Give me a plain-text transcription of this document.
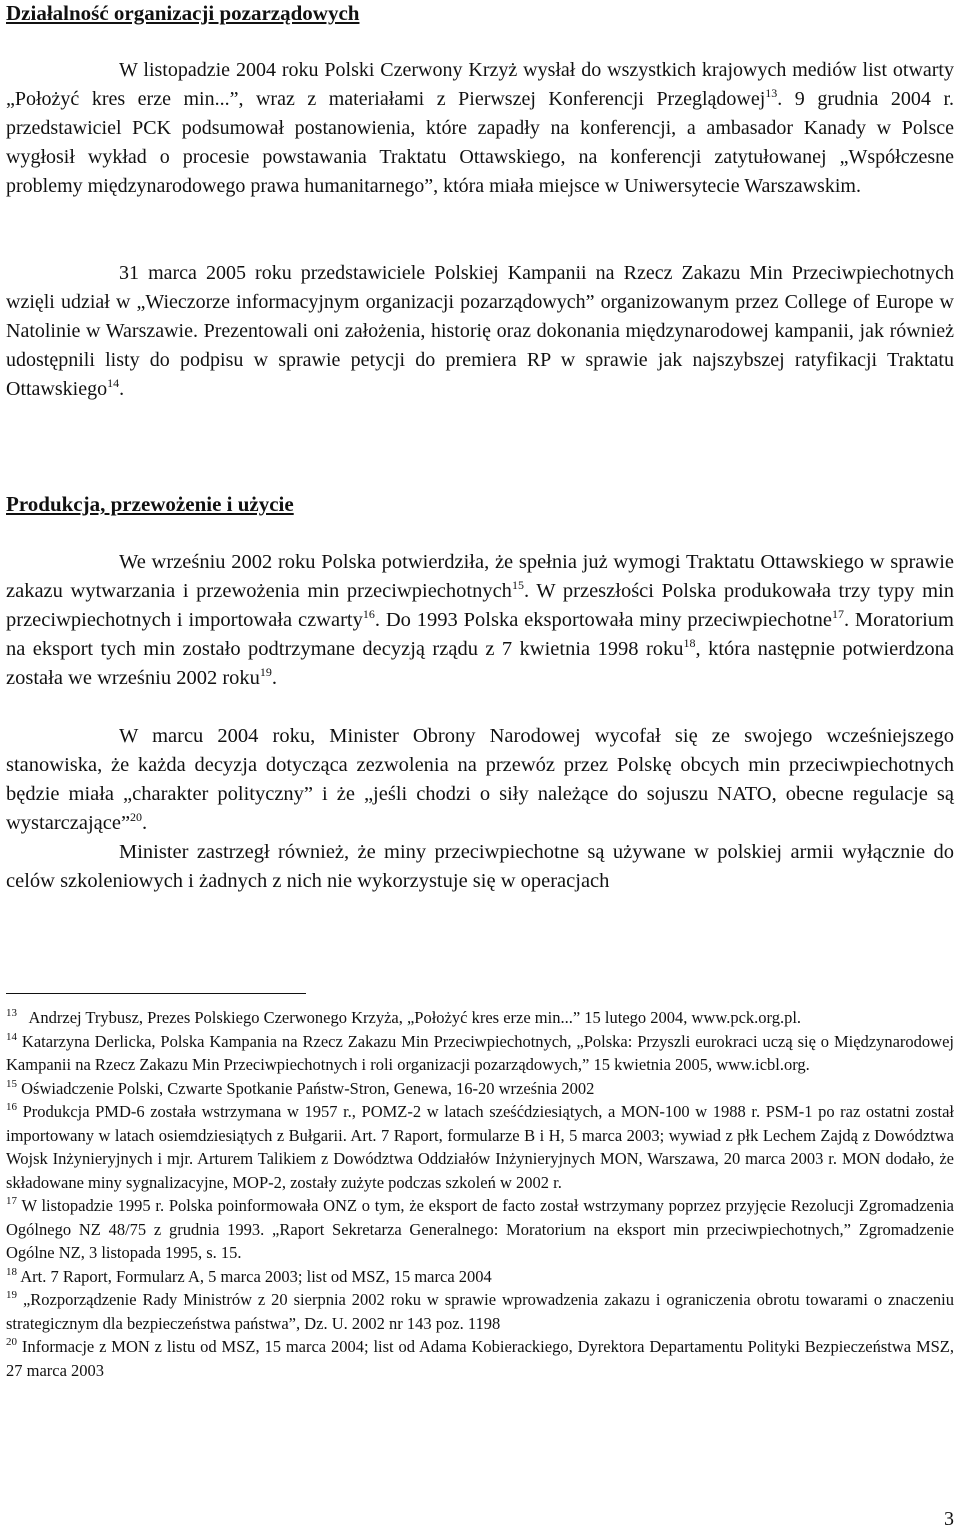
Działalność organizacji pozarządowych

W listopadzie 2004 roku Polski Czerwony Krzyż wysłał do wszystkich krajowych mediów list otwarty „Położyć kres erze min...”, wraz z materiałami z Pierwszej Konferencji Przeglądowej$^{13}$. 9 grudnia 2004 r. przedstawiciel PCK podsumował postanowienia, które zapadły na konferencji, a ambasador Kanady w Polsce wygłosił wykład o procesie powstawania Traktatu Ottawskiego, na konferencji zatytułowanej „Współczesne problemy międzynarodowego prawa humanitarnego”, która miała miejsce w Uniwersytecie Warszawskim.

31 marca 2005 roku przedstawiciele Polskiej Kampanii na Rzecz Zakazu Min Przeciwpiechotnych wzięli udział w „Wieczorze informacyjnym organizacji pozarządowych” organizowanym przez College of Europe w Natolinie w Warszawie. Prezentowali oni założenia, historię oraz dokonania międzynarodowej kampanii, jak również udostępnili listy do podpisu w sprawie petycji do premiera RP w sprawie jak najszybszej ratyfikacji Traktatu Ottawskiego$^{14}$.

Produkcja, przewożenie i użycie

We wrześniu 2002 roku Polska potwierdziła, że spełnia już wymogi Traktatu Ottawskiego w sprawie zakazu wytwarzania i przewożenia min przeciwpiechotnych$^{15}$. W przeszłości Polska produkowała trzy typy min przeciwpiechotnych i importowała czwarty$^{16}$. Do 1993 Polska eksportowała miny przeciwpiechotne$^{17}$. Moratorium na eksport tych min zostało podtrzymane decyzją rządu z 7 kwietnia 1998 roku$^{18}$, która następnie potwierdzona została we wrześniu 2002 roku$^{19}$.

W marcu 2004 roku, Minister Obrony Narodowej wycofał się ze swojego wcześniejszego stanowiska, że każda decyzja dotycząca zezwolenia na przewóz przez Polskę obcych min przeciwpiechotnych będzie miała „charakter polityczny” i że „jeśli chodzi o siły należące do sojuszu NATO, obecne regulacje są wystarczające”$^{20}$.

Minister zastrzegł również, że miny przeciwpiechotne są używane w polskiej armii wyłącznie do celów szkoleniowych i żadnych z nich nie wykorzystuje się w operacjach

$^{13}$ Andrzej Trybusz, Prezes Polskiego Czerwonego Krzyża, „Położyć kres erze min...” 15 lutego 2004, www.pck.org.pl.

$^{14}$ Katarzyna Derlicka, Polska Kampania na Rzecz Zakazu Min Przeciwpiechotnych, „Polska: Przyszli eurokraci uczą się o Międzynarodowej Kampanii na Rzecz Zakazu Min Przeciwpiechotnych i roli organizacji pozarządowych,” 15 kwietnia 2005, www.icbl.org.

$^{15}$ Oświadczenie Polski, Czwarte Spotkanie Państw-Stron, Genewa, 16-20 września 2002

$^{16}$ Produkcja PMD-6 została wstrzymana w 1957 r., POMZ-2 w latach sześćdziesiątych, a MON-100 w 1988 r. PSM-1 po raz ostatni został importowany w latach osiemdziesiątych z Bułgarii. Art. 7 Raport, formularze B i H, 5 marca 2003; wywiad z płk Lechem Zajdą z Dowództwa Wojsk Inżynieryjnych i mjr. Arturem Talikiem z Dowództwa Oddziałów Inżynieryjnych MON, Warszawa, 20 marca 2003 r. MON dodało, że składowane miny sygnalizacyjne, MOP-2, zostały zużyte podczas szkoleń w 2002 r.

$^{17}$ W listopadzie 1995 r. Polska poinformowała ONZ o tym, że eksport de facto został wstrzymany poprzez przyjęcie Rezolucji Zgromadzenia Ogólnego NZ 48/75 z grudnia 1993. „Raport Sekretarza Generalnego: Moratorium na eksport min przeciwpiechotnych,” Zgromadzenie Ogólne NZ, 3 listopada 1995, s. 15.

$^{18}$ Art. 7 Raport, Formularz A, 5 marca 2003; list od MSZ, 15 marca 2004

$^{19}$ „Rozporządzenie Rady Ministrów z 20 sierpnia 2002 roku w sprawie wprowadzenia zakazu i ograniczenia obrotu towarami o znaczeniu strategicznym dla bezpieczeństwa państwa”, Dz. U. 2002 nr 143 poz. 1198

$^{20}$ Informacje z MON z listu od MSZ, 15 marca 2004; list od Adama Kobierackiego, Dyrektora Departamentu Polityki Bezpieczeństwa MSZ, 27 marca 2003

3
